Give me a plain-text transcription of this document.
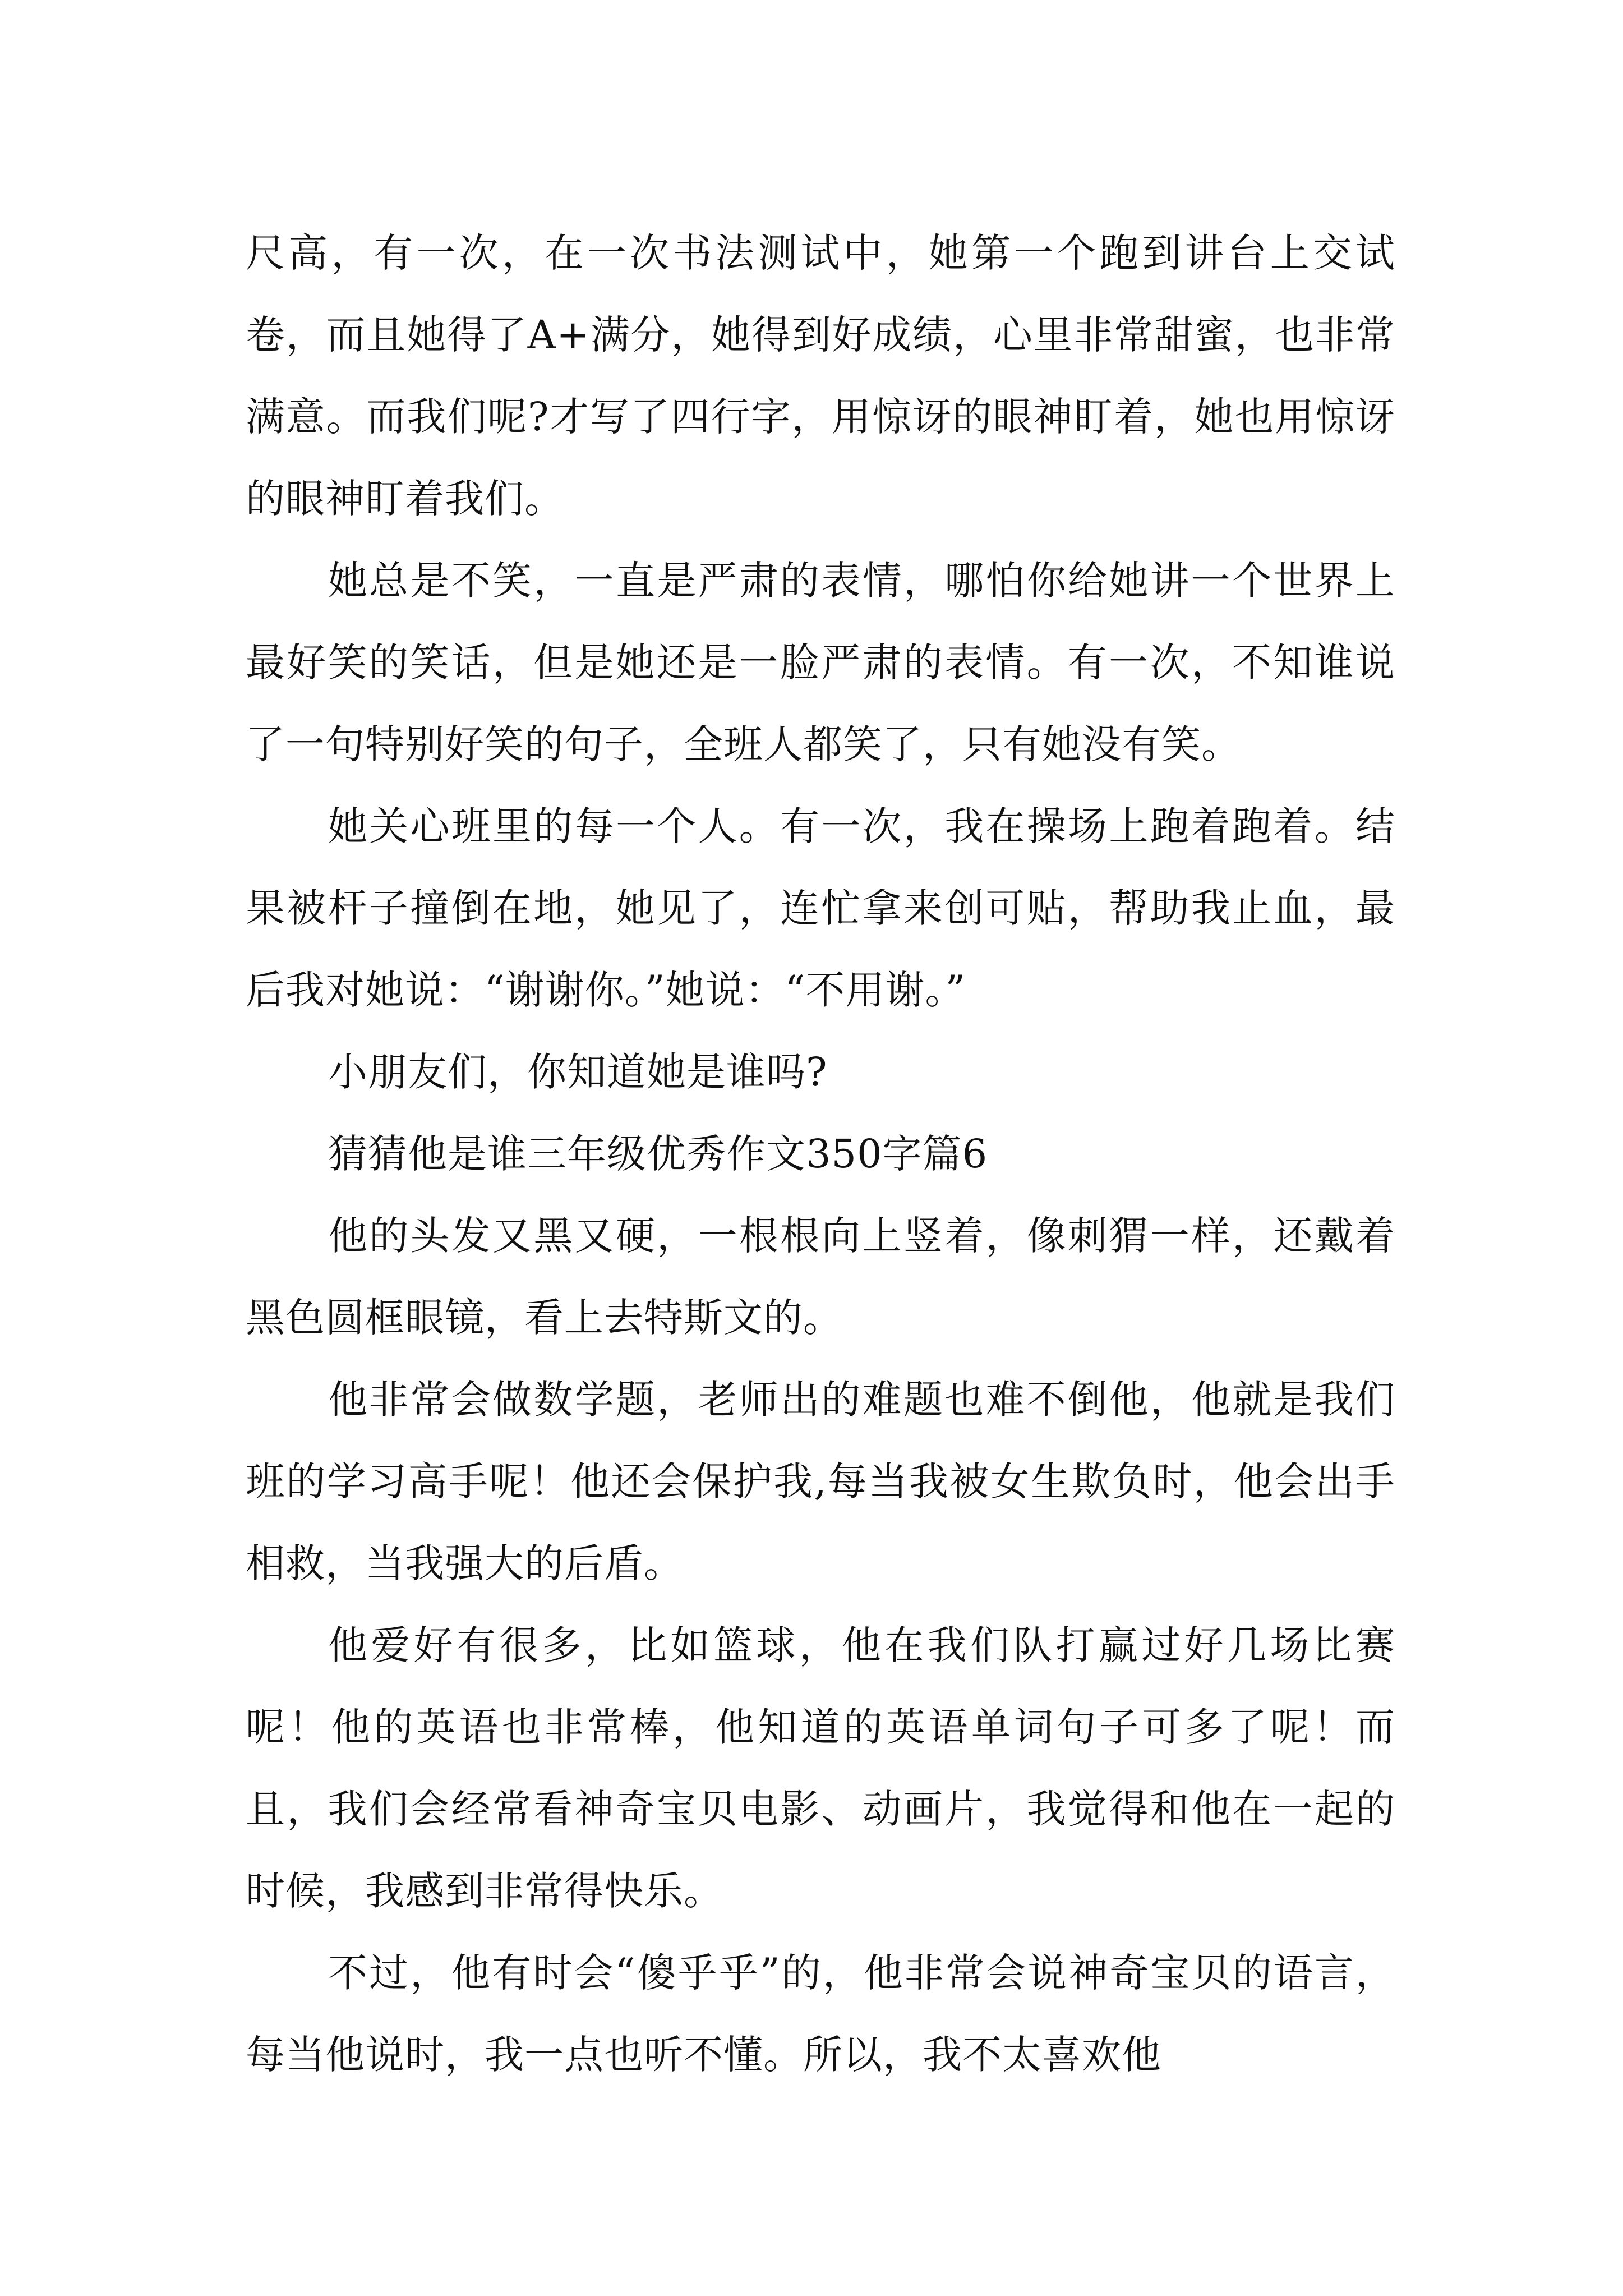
尺高，有一次，在一次书法测试中，她第一个跑到讲台上交试卷，而且她得了A+满分，她得到好成绩，心里非常甜蜜，也非常满意。而我们呢?才写了四行字，用惊讶的眼神盯着，她也用惊讶的眼神盯着我们。

她总是不笑，一直是严肃的表情，哪怕你给她讲一个世界上最好笑的笑话，但是她还是一脸严肃的表情。有一次，不知谁说了一句特别好笑的句子，全班人都笑了，只有她没有笑。

她关心班里的每一个人。有一次，我在操场上跑着跑着。结果被杆子撞倒在地，她见了，连忙拿来创可贴，帮助我止血，最后我对她说：“谢谢你。”她说：“不用谢。”

小朋友们，你知道她是谁吗?

猜猜他是谁三年级优秀作文350字篇6

他的头发又黑又硬，一根根向上竖着，像刺猬一样，还戴着黑色圆框眼镜，看上去特斯文的。

他非常会做数学题，老师出的难题也难不倒他，他就是我们班的学习高手呢！他还会保护我,每当我被女生欺负时，他会出手相救，当我强大的后盾。

他爱好有很多，比如篮球，他在我们队打赢过好几场比赛呢！他的英语也非常棒，他知道的英语单词句子可多了呢！而且，我们会经常看神奇宝贝电影、动画片，我觉得和他在一起的时候，我感到非常得快乐。

不过，他有时会“傻乎乎”的，他非常会说神奇宝贝的语言，每当他说时，我一点也听不懂。所以，我不太喜欢他
